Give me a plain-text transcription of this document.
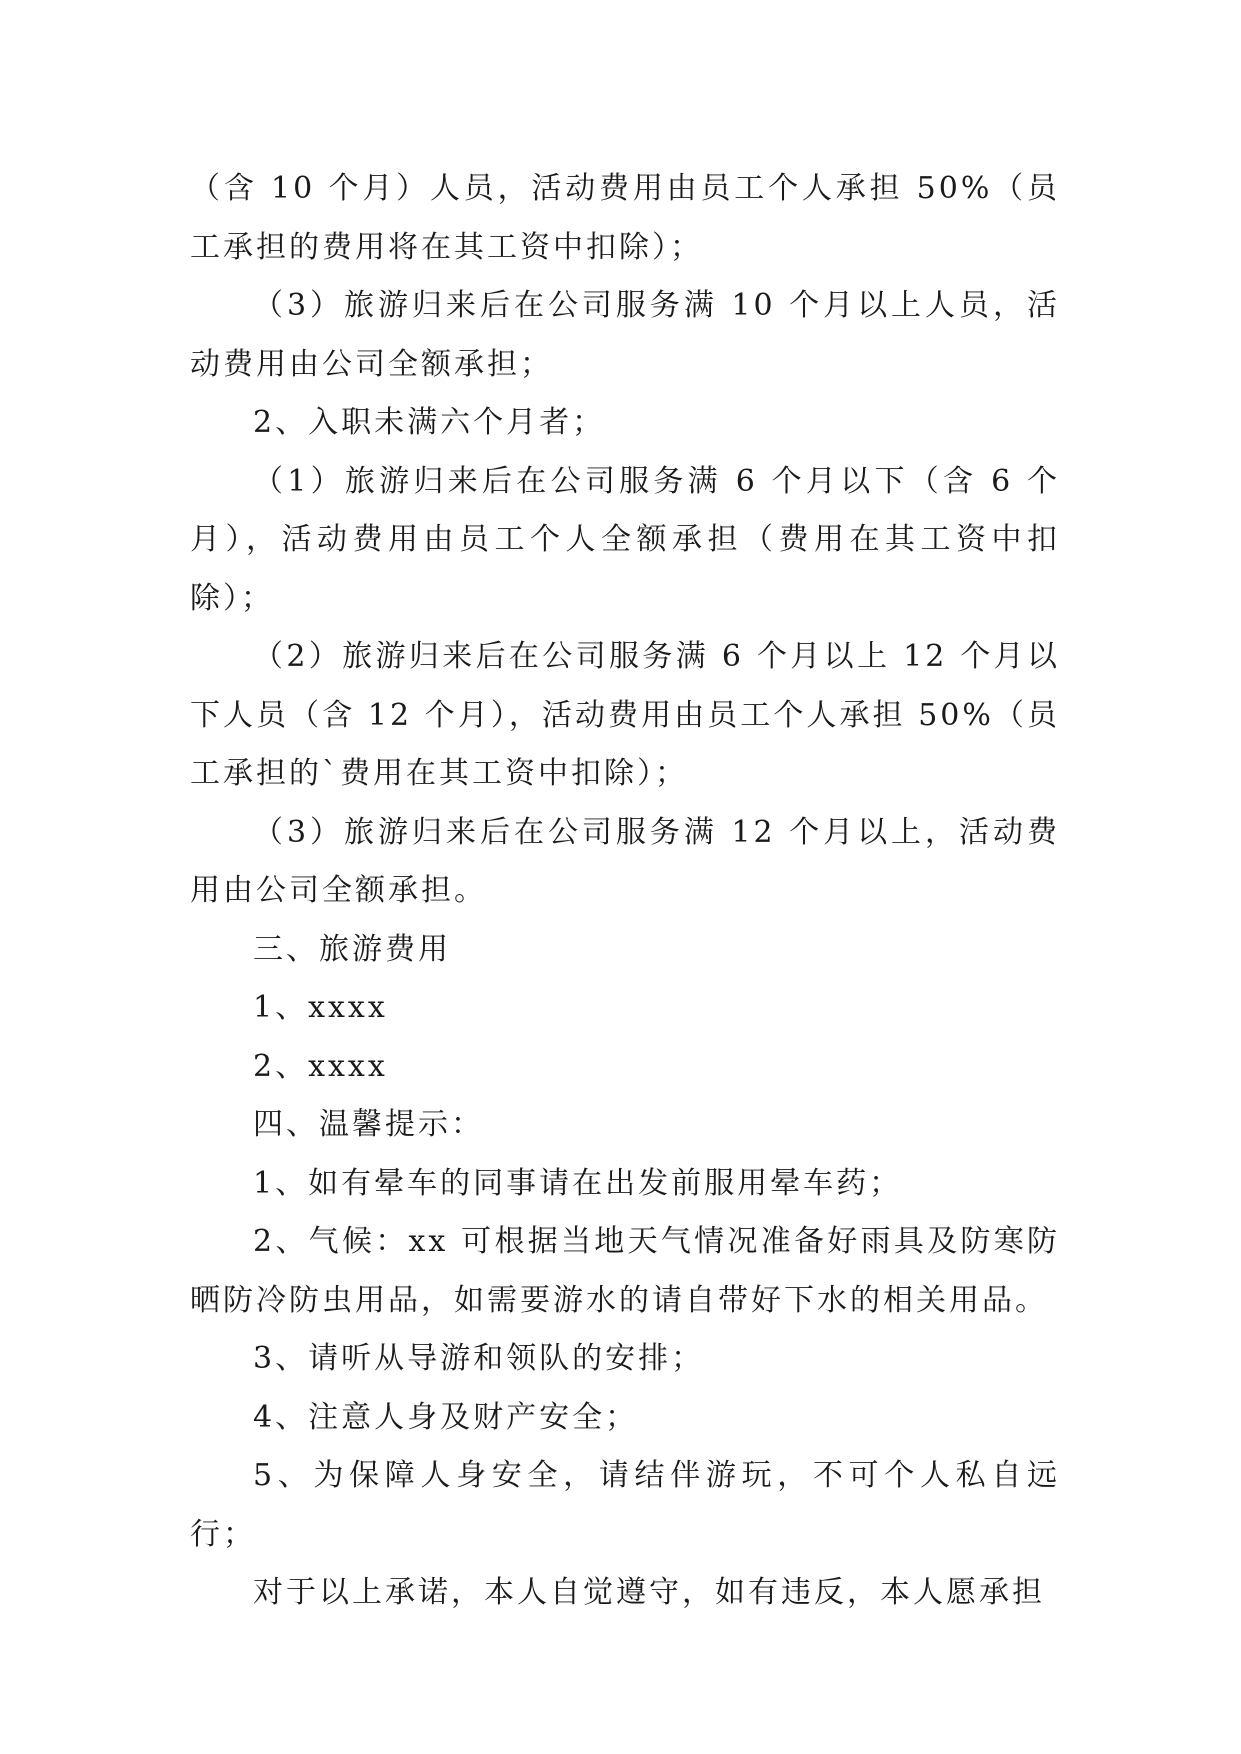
（含 10 个月）人员，活动费用由员工个人承担 50%（员工承担的费用将在其工资中扣除）；

（3）旅游归来后在公司服务满 10 个月以上人员，活动费用由公司全额承担；

2、入职未满六个月者；

（1）旅游归来后在公司服务满 6 个月以下（含 6 个月），活动费用由员工个人全额承担（费用在其工资中扣除）；

（2）旅游归来后在公司服务满 6 个月以上 12 个月以下人员（含 12 个月），活动费用由员工个人承担 50%（员工承担的`费用在其工资中扣除）；

（3）旅游归来后在公司服务满 12 个月以上，活动费用由公司全额承担。

三、旅游费用

1、xxxx

2、xxxx

四、温馨提示：

1、如有晕车的同事请在出发前服用晕车药；

2、气候：xx 可根据当地天气情况准备好雨具及防寒防晒防冷防虫用品，如需要游水的请自带好下水的相关用品。

3、请听从导游和领队的安排；

4、注意人身及财产安全；

5、为保障人身安全，请结伴游玩，不可个人私自远行；

对于以上承诺，本人自觉遵守，如有违反，本人愿承担
